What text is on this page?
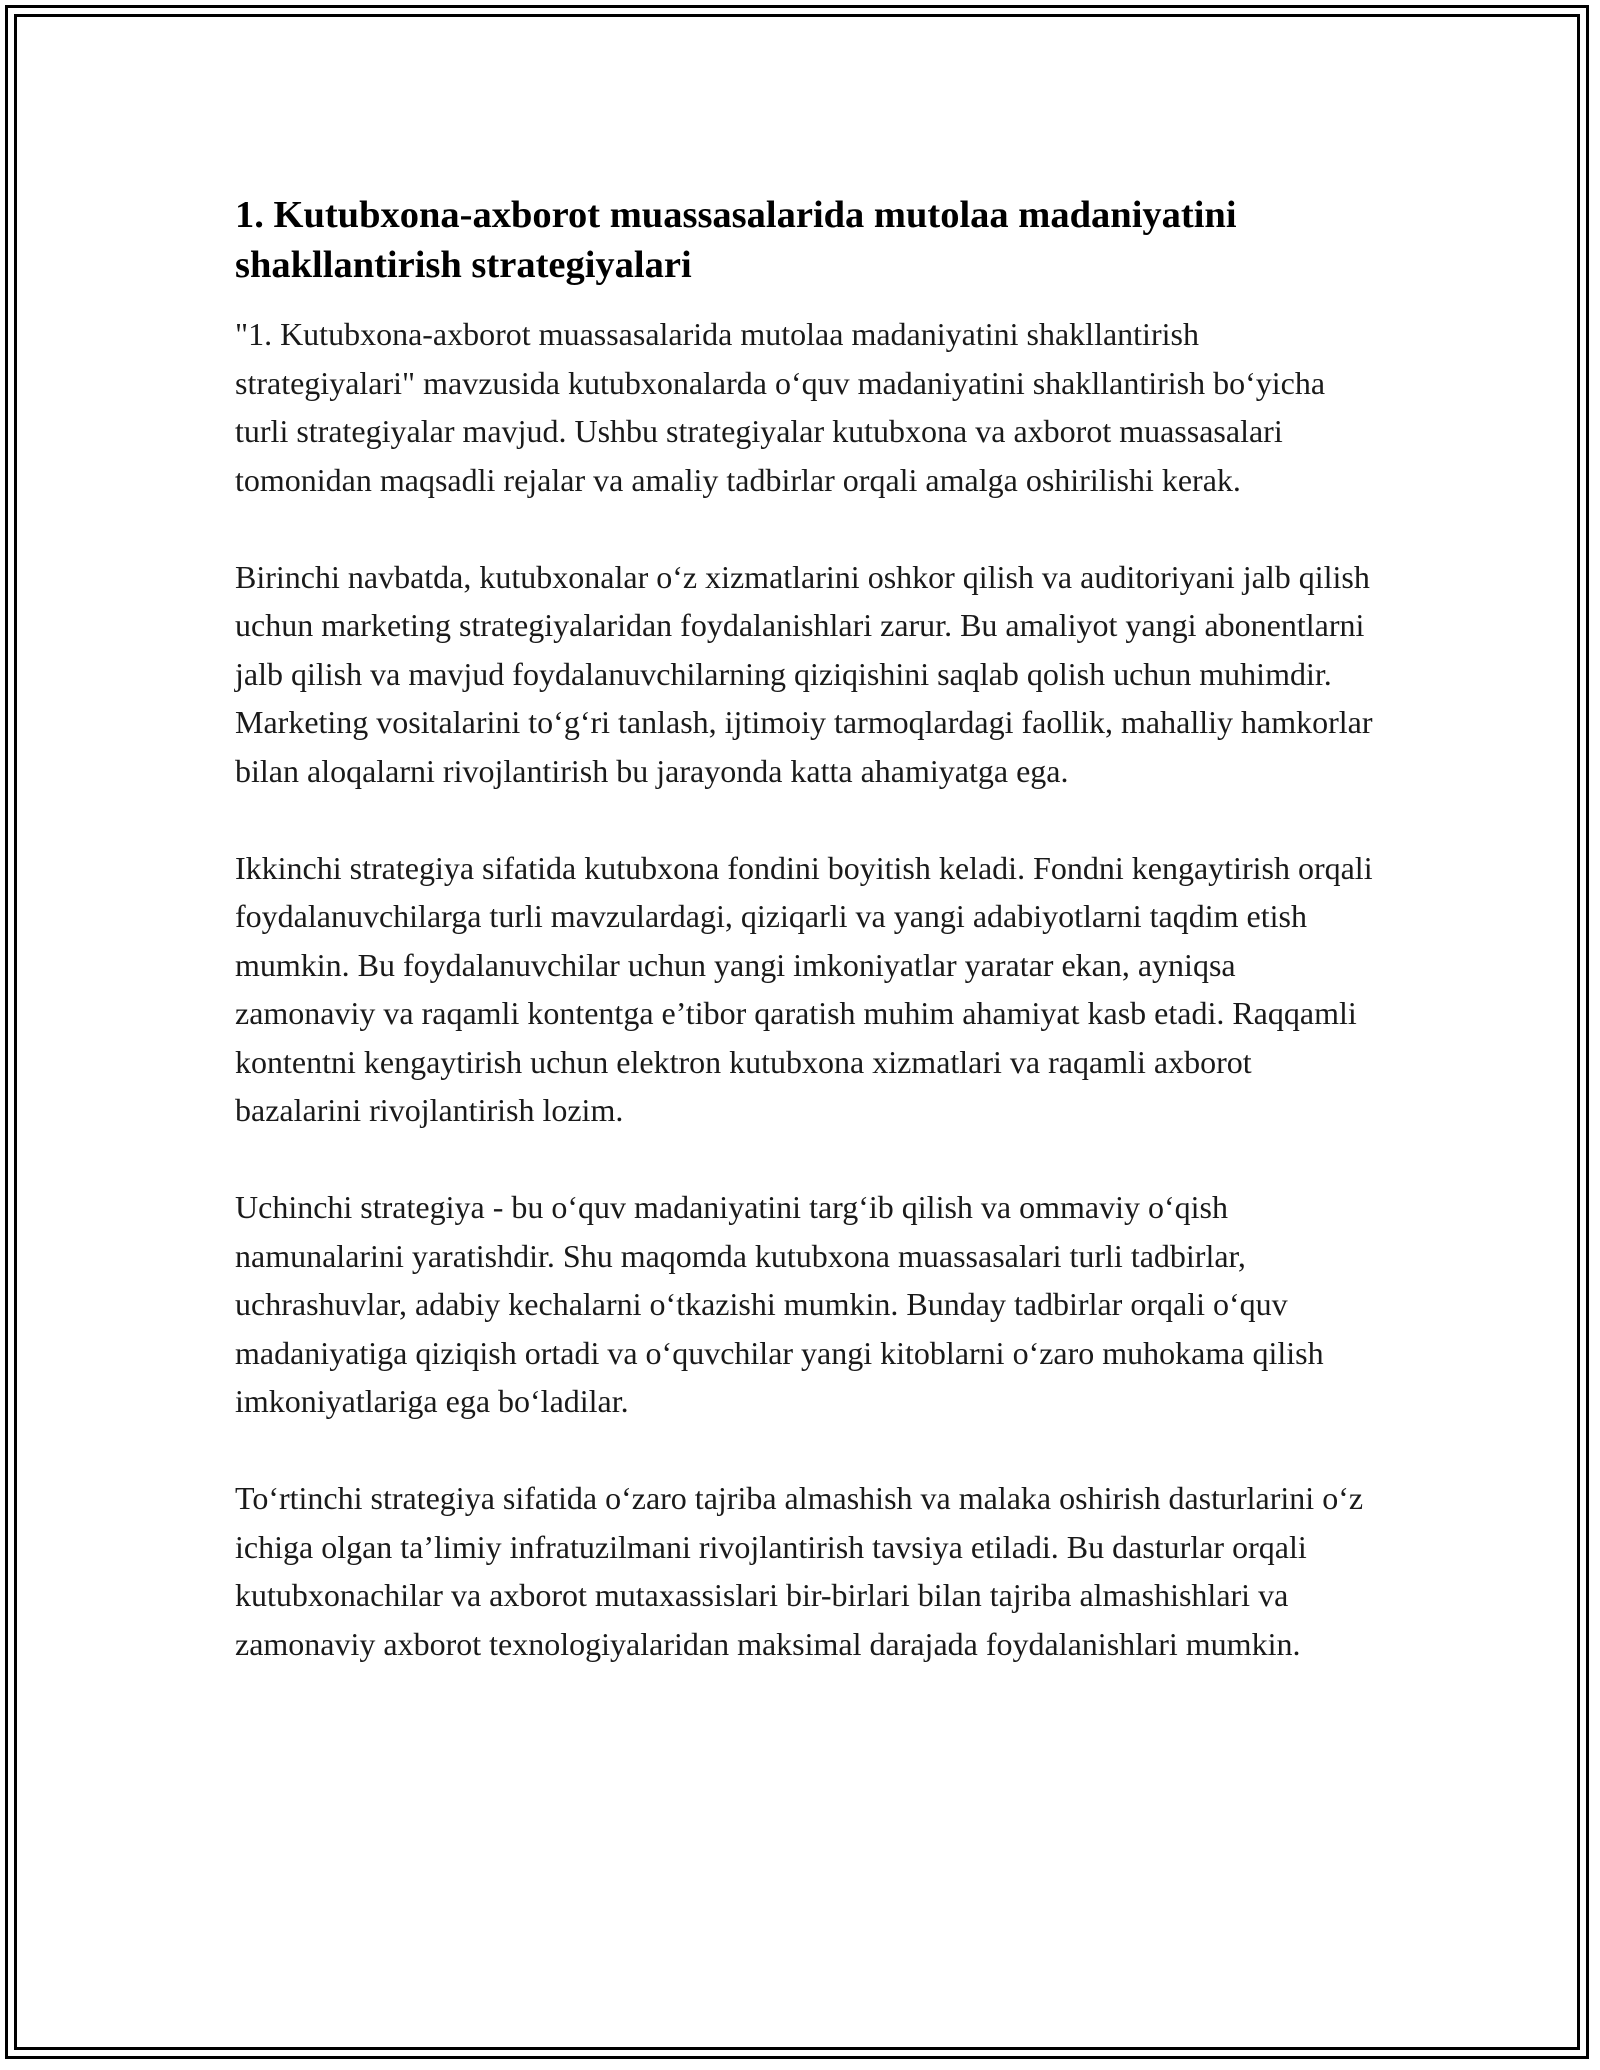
1. Kutubxona-axborot muassasalarida mutolaa madaniyatini shakllantirish strategiyalari

"1. Kutubxona-axborot muassasalarida mutolaa madaniyatini shakllantirish strategiyalari" mavzusida kutubxonalarda o‘quv madaniyatini shakllantirish bo‘yicha turli strategiyalar mavjud. Ushbu strategiyalar kutubxona va axborot muassasalari tomonidan maqsadli rejalar va amaliy tadbirlar orqali amalga oshirilishi kerak.

Birinchi navbatda, kutubxonalar o‘z xizmatlarini oshkor qilish va auditoriyani jalb qilish uchun marketing strategiyalaridan foydalanishlari zarur. Bu amaliyot yangi abonentlarni jalb qilish va mavjud foydalanuvchilarning qiziqishini saqlab qolish uchun muhimdir. Marketing vositalarini to‘g‘ri tanlash, ijtimoiy tarmoqlardagi faollik, mahalliy hamkorlar bilan aloqalarni rivojlantirish bu jarayonda katta ahamiyatga ega.

Ikkinchi strategiya sifatida kutubxona fondini boyitish keladi. Fondni kengaytirish orqali foydalanuvchilarga turli mavzulardagi, qiziqarli va yangi adabiyotlarni taqdim etish mumkin. Bu foydalanuvchilar uchun yangi imkoniyatlar yaratar ekan, ayniqsa zamonaviy va raqamli kontentga e’tibor qaratish muhim ahamiyat kasb etadi. Raqqamli kontentni kengaytirish uchun elektron kutubxona xizmatlari va raqamli axborot bazalarini rivojlantirish lozim.

Uchinchi strategiya - bu o‘quv madaniyatini targ‘ib qilish va ommaviy o‘qish namunalarini yaratishdir. Shu maqomda kutubxona muassasalari turli tadbirlar, uchrashuvlar, adabiy kechalarni o‘tkazishi mumkin. Bunday tadbirlar orqali o‘quv madaniyatiga qiziqish ortadi va o‘quvchilar yangi kitoblarni o‘zaro muhokama qilish imkoniyatlariga ega bo‘ladilar.

To‘rtinchi strategiya sifatida o‘zaro tajriba almashish va malaka oshirish dasturlarini o‘z ichiga olgan ta’limiy infratuzilmani rivojlantirish tavsiya etiladi. Bu dasturlar orqali kutubxonachilar va axborot mutaxassislari bir-birlari bilan tajriba almashishlari va zamonaviy axborot texnologiyalaridan maksimal darajada foydalanishlari mumkin.
